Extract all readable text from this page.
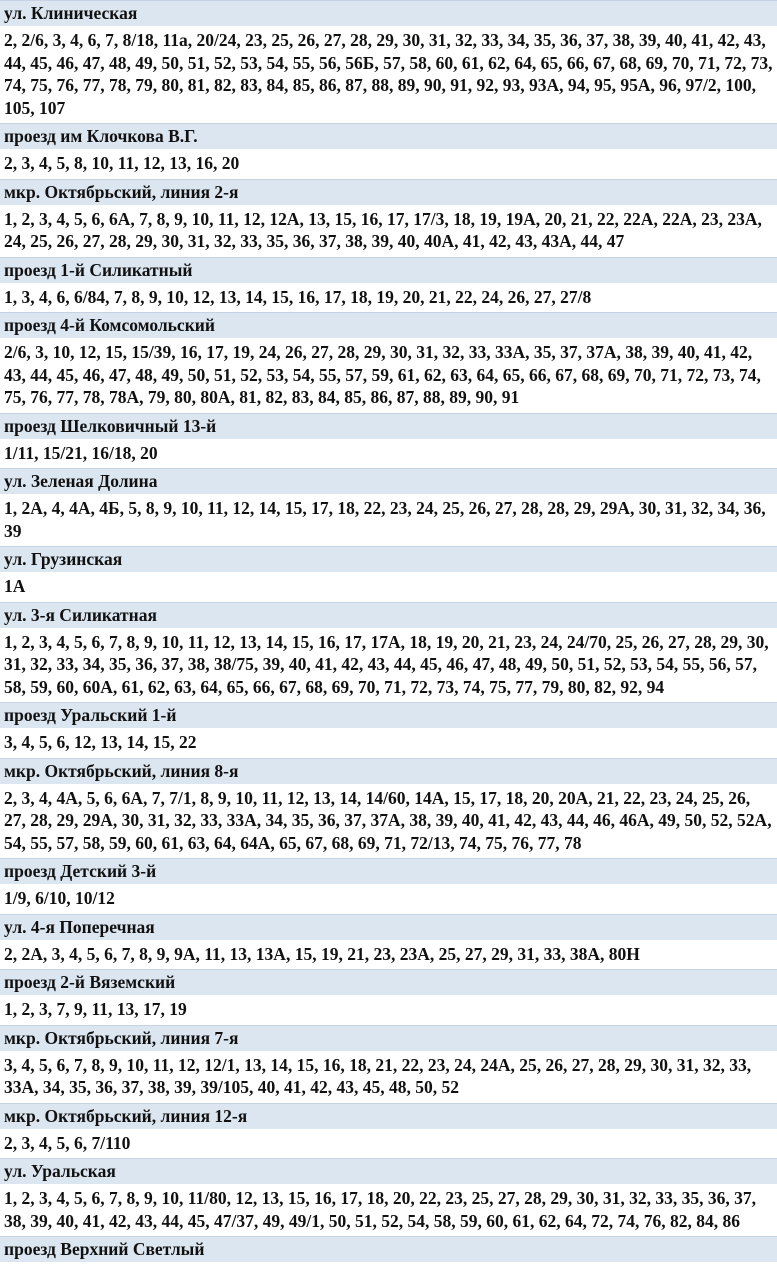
ул. Клиническая
2, 2/6, 3, 4, 6, 7, 8/18, 11а, 20/24, 23, 25, 26, 27, 28, 29, 30, 31, 32, 33, 34, 35, 36, 37, 38, 39, 40, 41, 42, 43, 44, 45, 46, 47, 48, 49, 50, 51, 52, 53, 54, 55, 56, 56Б, 57, 58, 60, 61, 62, 64, 65, 66, 67, 68, 69, 70, 71, 72, 73, 74, 75, 76, 77, 78, 79, 80, 81, 82, 83, 84, 85, 86, 87, 88, 89, 90, 91, 92, 93, 93А, 94, 95, 95А, 96, 97/2, 100, 105, 107
проезд им Клочкова В.Г.
2, 3, 4, 5, 8, 10, 11, 12, 13, 16, 20
мкр. Октябрьский, линия 2-я
1, 2, 3, 4, 5, 6, 6А, 7, 8, 9, 10, 11, 12, 12А, 13, 15, 16, 17, 17/3, 18, 19, 19А, 20, 21, 22, 22А, 22А, 23, 23А, 24, 25, 26, 27, 28, 29, 30, 31, 32, 33, 35, 36, 37, 38, 39, 40, 40А, 41, 42, 43, 43А, 44, 47
проезд 1-й Силикатный
1, 3, 4, 6, 6/84, 7, 8, 9, 10, 12, 13, 14, 15, 16, 17, 18, 19, 20, 21, 22, 24, 26, 27, 27/8
проезд 4-й Комсомольский
2/6, 3, 10, 12, 15, 15/39, 16, 17, 19, 24, 26, 27, 28, 29, 30, 31, 32, 33, 33А, 35, 37, 37А, 38, 39, 40, 41, 42, 43, 44, 45, 46, 47, 48, 49, 50, 51, 52, 53, 54, 55, 57, 59, 61, 62, 63, 64, 65, 66, 67, 68, 69, 70, 71, 72, 73, 74, 75, 76, 77, 78, 78А, 79, 80, 80А, 81, 82, 83, 84, 85, 86, 87, 88, 89, 90, 91
проезд Шелковичный 13-й
1/11, 15/21, 16/18, 20
ул. Зеленая Долина
1, 2А, 4, 4А, 4Б, 5, 8, 9, 10, 11, 12, 14, 15, 17, 18, 22, 23, 24, 25, 26, 27, 28, 28, 29, 29А, 30, 31, 32, 34, 36, 39
ул. Грузинская
1А
ул. 3-я Силикатная
1, 2, 3, 4, 5, 6, 7, 8, 9, 10, 11, 12, 13, 14, 15, 16, 17, 17А, 18, 19, 20, 21, 23, 24, 24/70, 25, 26, 27, 28, 29, 30, 31, 32, 33, 34, 35, 36, 37, 38, 38/75, 39, 40, 41, 42, 43, 44, 45, 46, 47, 48, 49, 50, 51, 52, 53, 54, 55, 56, 57, 58, 59, 60, 60А, 61, 62, 63, 64, 65, 66, 67, 68, 69, 70, 71, 72, 73, 74, 75, 77, 79, 80, 82, 92, 94
проезд Уральский 1-й
3, 4, 5, 6, 12, 13, 14, 15, 22
мкр. Октябрьский, линия 8-я
2, 3, 4, 4А, 5, 6, 6А, 7, 7/1, 8, 9, 10, 11, 12, 13, 14, 14/60, 14А, 15, 17, 18, 20, 20А, 21, 22, 23, 24, 25, 26, 27, 28, 29, 29А, 30, 31, 32, 33, 33А, 34, 35, 36, 37, 37А, 38, 39, 40, 41, 42, 43, 44, 46, 46А, 49, 50, 52, 52А, 54, 55, 57, 58, 59, 60, 61, 63, 64, 64А, 65, 67, 68, 69, 71, 72/13, 74, 75, 76, 77, 78
проезд Детский 3-й
1/9, 6/10, 10/12
ул. 4-я Поперечная
2, 2А, 3, 4, 5, 6, 7, 8, 9, 9А, 11, 13, 13А, 15, 19, 21, 23, 23А, 25, 27, 29, 31, 33, 38А, 80Н
проезд 2-й Вяземский
1, 2, 3, 7, 9, 11, 13, 17, 19
мкр. Октябрьский, линия 7-я
3, 4, 5, 6, 7, 8, 9, 10, 11, 12, 12/1, 13, 14, 15, 16, 18, 21, 22, 23, 24, 24А, 25, 26, 27, 28, 29, 30, 31, 32, 33, 33А, 34, 35, 36, 37, 38, 39, 39/105, 40, 41, 42, 43, 45, 48, 50, 52
мкр. Октябрьский, линия 12-я
2, 3, 4, 5, 6, 7/110
ул. Уральская
1, 2, 3, 4, 5, 6, 7, 8, 9, 10, 11/80, 12, 13, 15, 16, 17, 18, 20, 22, 23, 25, 27, 28, 29, 30, 31, 32, 33, 35, 36, 37, 38, 39, 40, 41, 42, 43, 44, 45, 47/37, 49, 49/1, 50, 51, 52, 54, 58, 59, 60, 61, 62, 64, 72, 74, 76, 82, 84, 86
проезд Верхний Светлый
